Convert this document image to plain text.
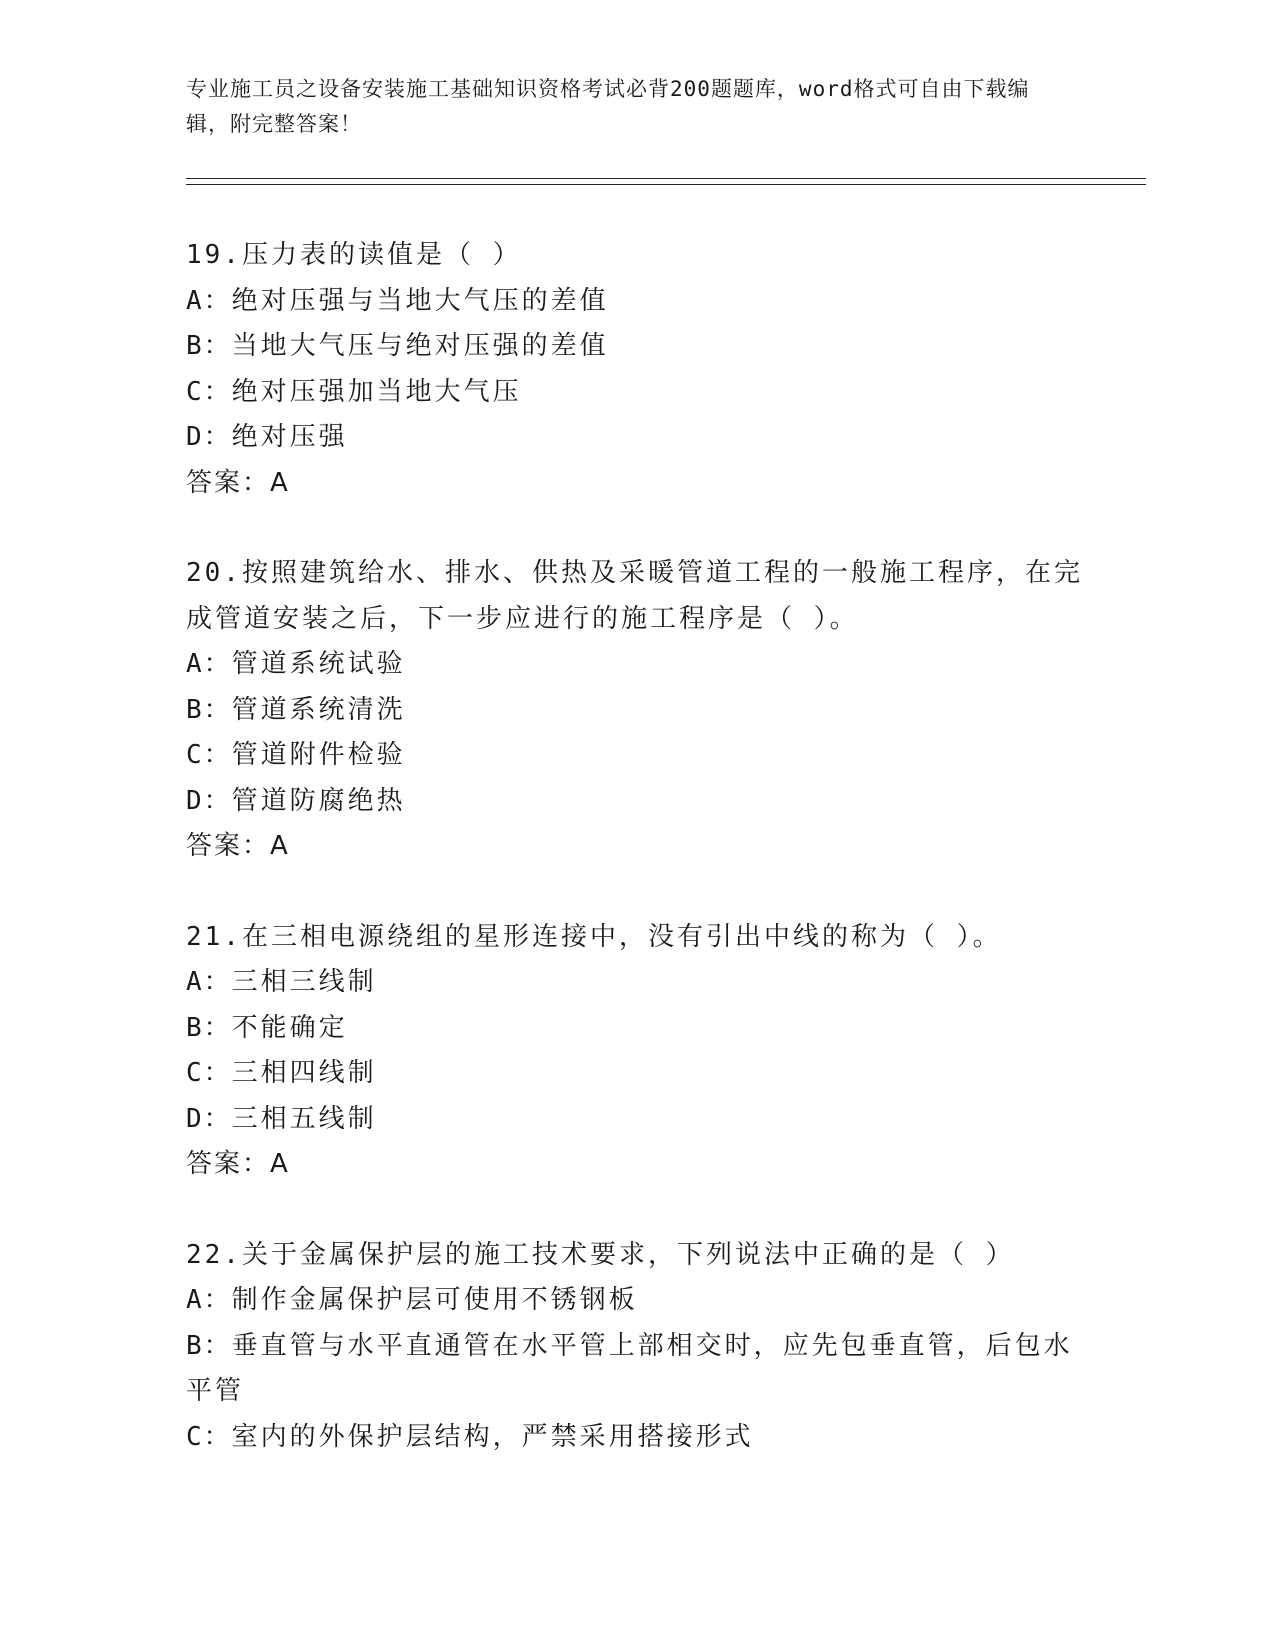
专业施工员之设备安装施工基础知识资格考试必背200题题库，word格式可自由下载编辑，附完整答案！
19.压力表的读值是（ ）
A：绝对压强与当地大气压的差值
B：当地大气压与绝对压强的差值
C：绝对压强加当地大气压
D：绝对压强
答案：A
20.按照建筑给水、排水、供热及采暖管道工程的一般施工程序，在完成管道安装之后，下一步应进行的施工程序是（ ）。
A：管道系统试验
B：管道系统清洗
C：管道附件检验
D：管道防腐绝热
答案：A
21.在三相电源绕组的星形连接中，没有引出中线的称为（ ）。
A：三相三线制
B：不能确定
C：三相四线制
D：三相五线制
答案：A
22.关于金属保护层的施工技术要求，下列说法中正确的是（ ）
A：制作金属保护层可使用不锈钢板
B：垂直管与水平直通管在水平管上部相交时，应先包垂直管，后包水平管
C：室内的外保护层结构，严禁采用搭接形式
